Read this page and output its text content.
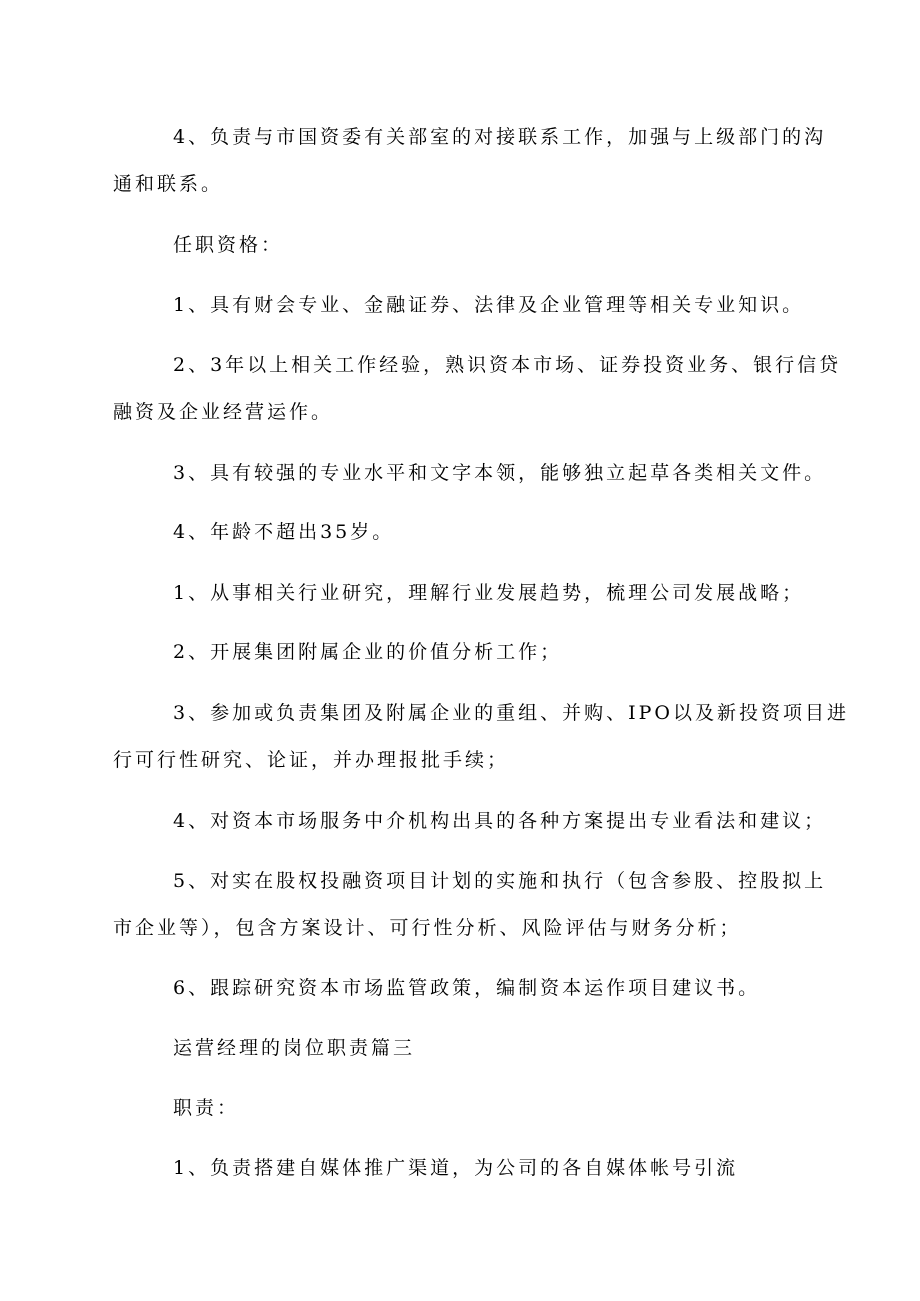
4、负责与市国资委有关部室的对接联系工作，加强与上级部门的沟
通和联系。
任职资格：
1、具有财会专业、金融证券、法律及企业管理等相关专业知识。
2、3年以上相关工作经验，熟识资本市场、证券投资业务、银行信贷
融资及企业经营运作。
3、具有较强的专业水平和文字本领，能够独立起草各类相关文件。
4、年龄不超出35岁。
1、从事相关行业研究，理解行业发展趋势，梳理公司发展战略；
2、开展集团附属企业的价值分析工作；
3、参加或负责集团及附属企业的重组、并购、IPO以及新投资项目进
行可行性研究、论证，并办理报批手续；
4、对资本市场服务中介机构出具的各种方案提出专业看法和建议；
5、对实在股权投融资项目计划的实施和执行（包含参股、控股拟上
市企业等），包含方案设计、可行性分析、风险评估与财务分析；
6、跟踪研究资本市场监管政策，编制资本运作项目建议书。
运营经理的岗位职责篇三
职责：
1、负责搭建自媒体推广渠道，为公司的各自媒体帐号引流
